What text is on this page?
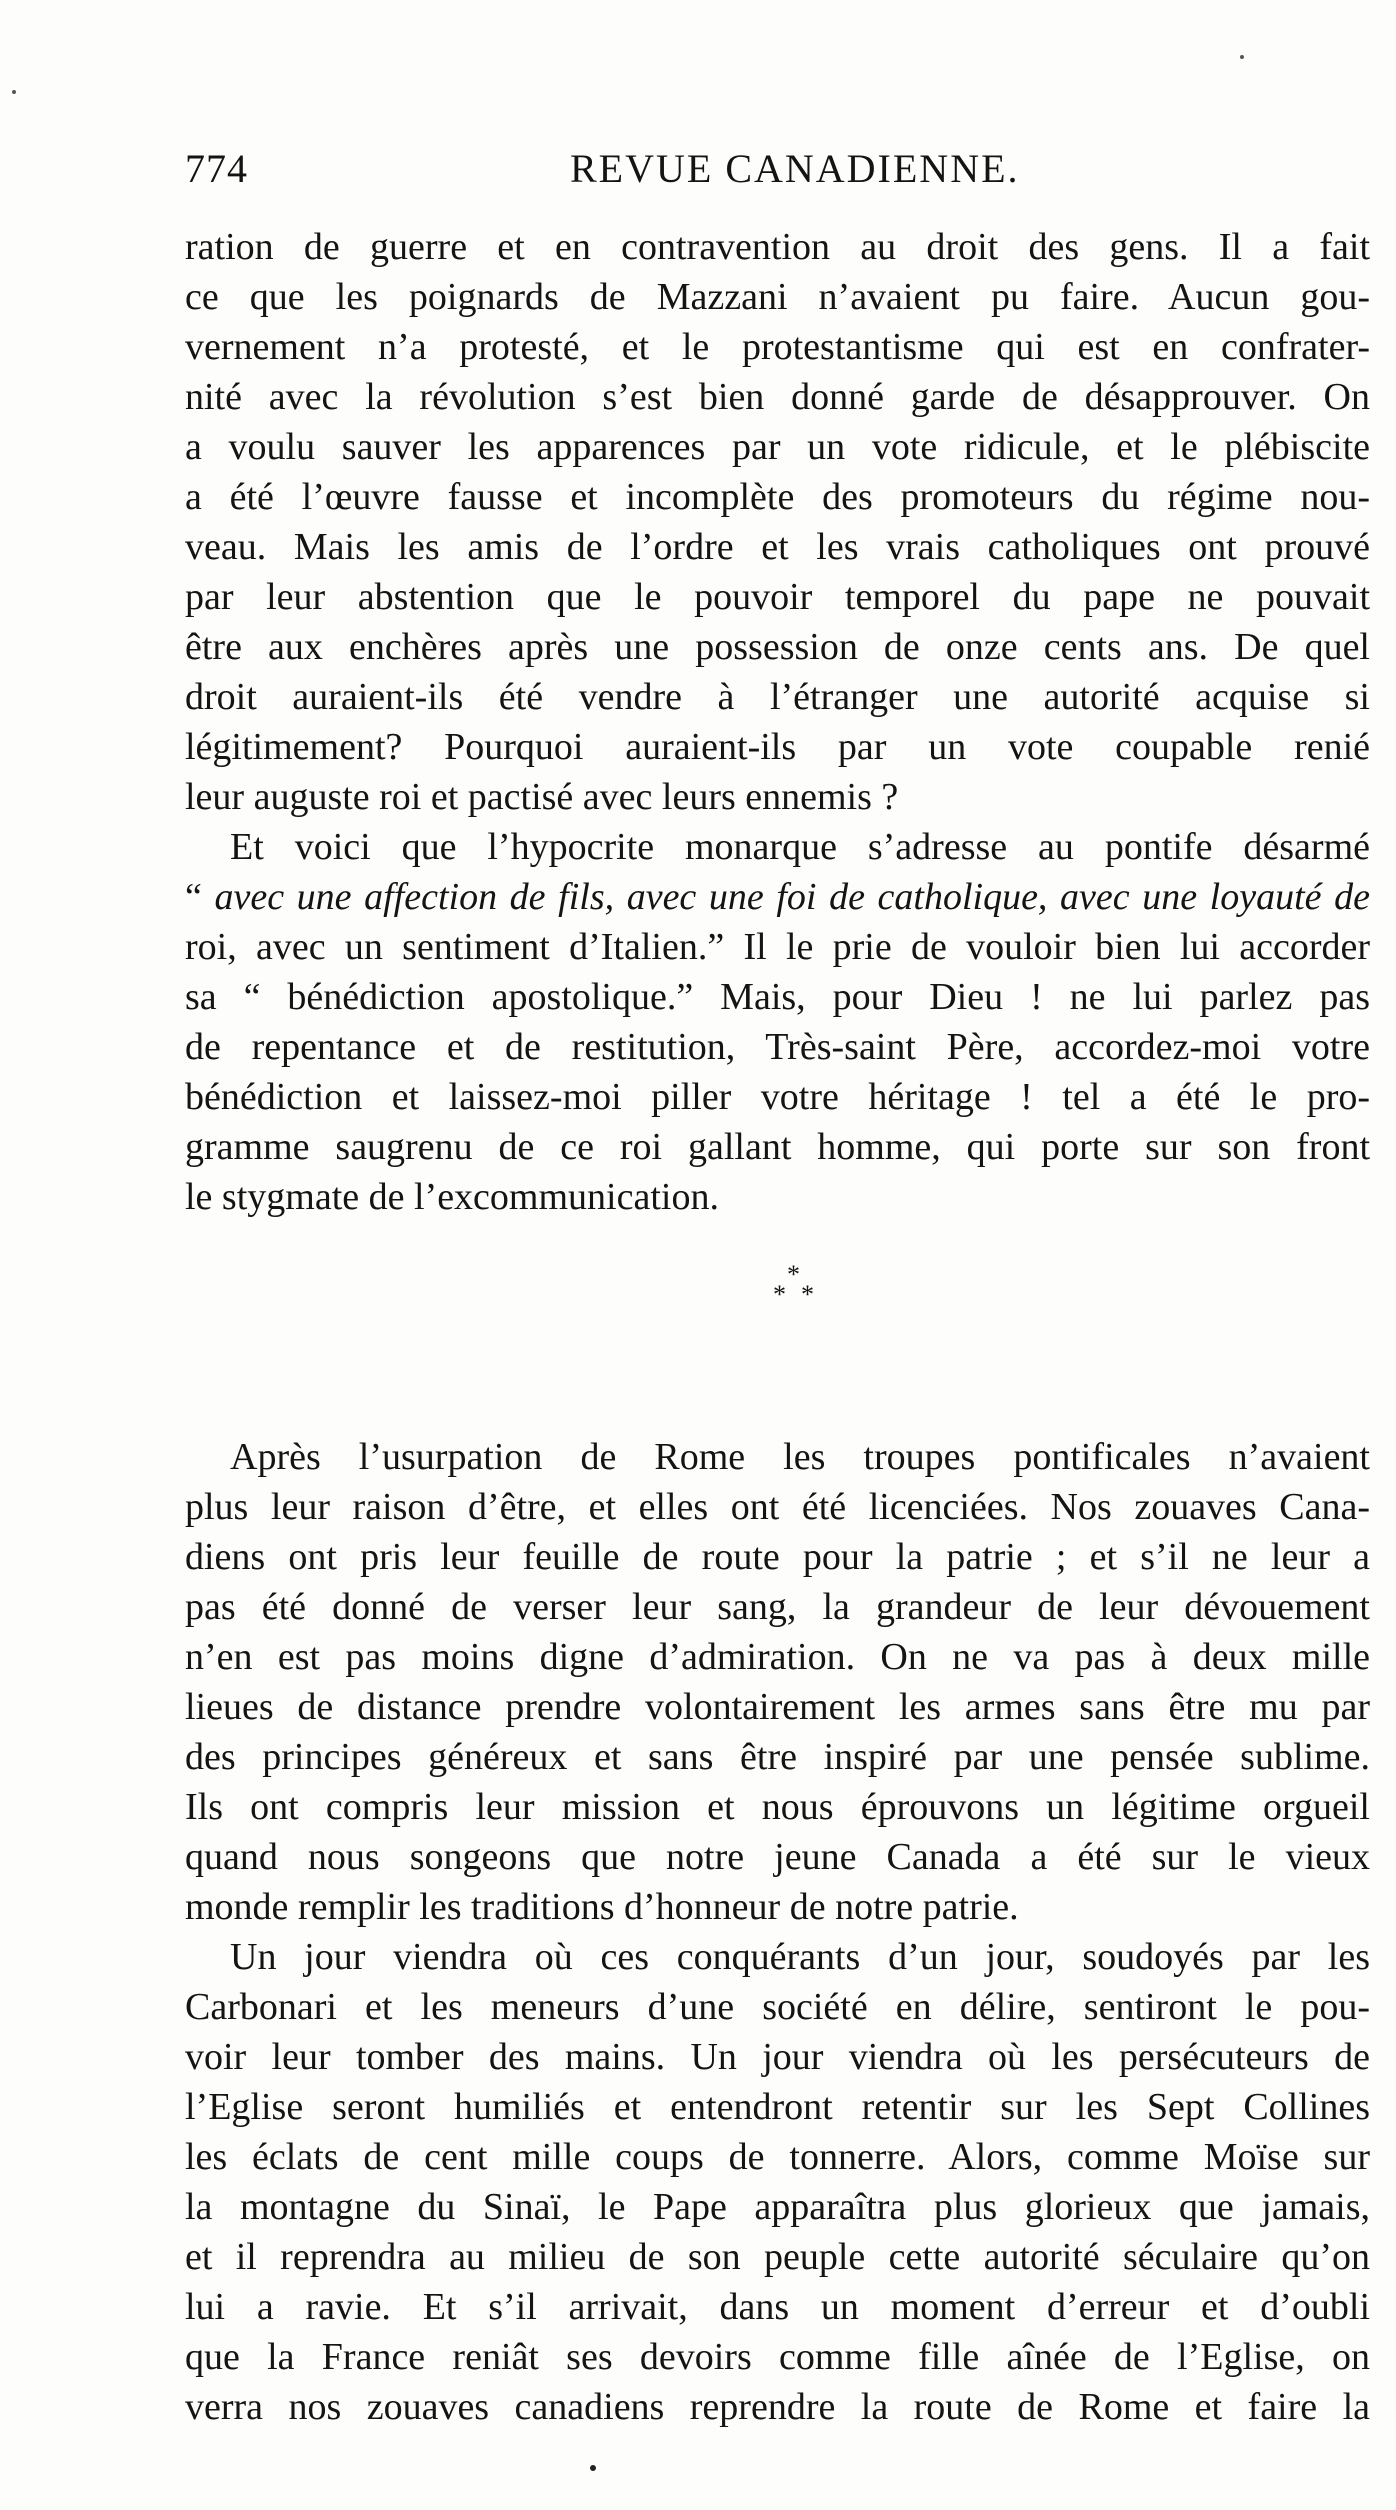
774	REVUE CANADIENNE.

ration de guerre et en contravention au droit des gens. Il a fait
ce que les poignards de Mazzani n’avaient pu faire. Aucun gou-
vernement n’a protesté, et le protestantisme qui est en confrater-
nité avec la révolution s’est bien donné garde de désapprouver. On
a voulu sauver les apparences par un vote ridicule, et le plébiscite
a été l’œuvre fausse et incomplète des promoteurs du régime nou-
veau. Mais les amis de l’ordre et les vrais catholiques ont prouvé
par leur abstention que le pouvoir temporel du pape ne pouvait
être aux enchères après une possession de onze cents ans. De quel
droit auraient-ils été vendre à l’étranger une autorité acquise si
légitimement? Pourquoi auraient-ils par un vote coupable renié
leur auguste roi et pactisé avec leurs ennemis ?

Et voici que l’hypocrite monarque s’adresse au pontife désarmé
“ avec une affection de fils, avec une foi de catholique, avec une loyauté de
roi, avec un sentiment d’Italien.” Il le prie de vouloir bien lui accorder
sa “ bénédiction apostolique.” Mais, pour Dieu ! ne lui parlez pas
de repentance et de restitution, Très-saint Père, accordez-moi votre
bénédiction et laissez-moi piller votre héritage ! tel a été le pro-
gramme saugrenu de ce roi gallant homme, qui porte sur son front
le stygmate de l’excommunication.

*
* *

Après l’usurpation de Rome les troupes pontificales n’avaient
plus leur raison d’être, et elles ont été licenciées. Nos zouaves Cana-
diens ont pris leur feuille de route pour la patrie ; et s’il ne leur a
pas été donné de verser leur sang, la grandeur de leur dévouement
n’en est pas moins digne d’admiration. On ne va pas à deux mille
lieues de distance prendre volontairement les armes sans être mu par
des principes généreux et sans être inspiré par une pensée sublime.
Ils ont compris leur mission et nous éprouvons un légitime orgueil
quand nous songeons que notre jeune Canada a été sur le vieux
monde remplir les traditions d’honneur de notre patrie.

Un jour viendra où ces conquérants d’un jour, soudoyés par les
Carbonari et les meneurs d’une société en délire, sentiront le pou-
voir leur tomber des mains. Un jour viendra où les persécuteurs de
l’Eglise seront humiliés et entendront retentir sur les Sept Collines
les éclats de cent mille coups de tonnerre. Alors, comme Moïse sur
la montagne du Sinaï, le Pape apparaîtra plus glorieux que jamais,
et il reprendra au milieu de son peuple cette autorité séculaire qu’on
lui a ravie. Et s’il arrivait, dans un moment d’erreur et d’oubli
que la France reniât ses devoirs comme fille aînée de l’Eglise, on
verra nos zouaves canadiens reprendre la route de Rome et faire la
